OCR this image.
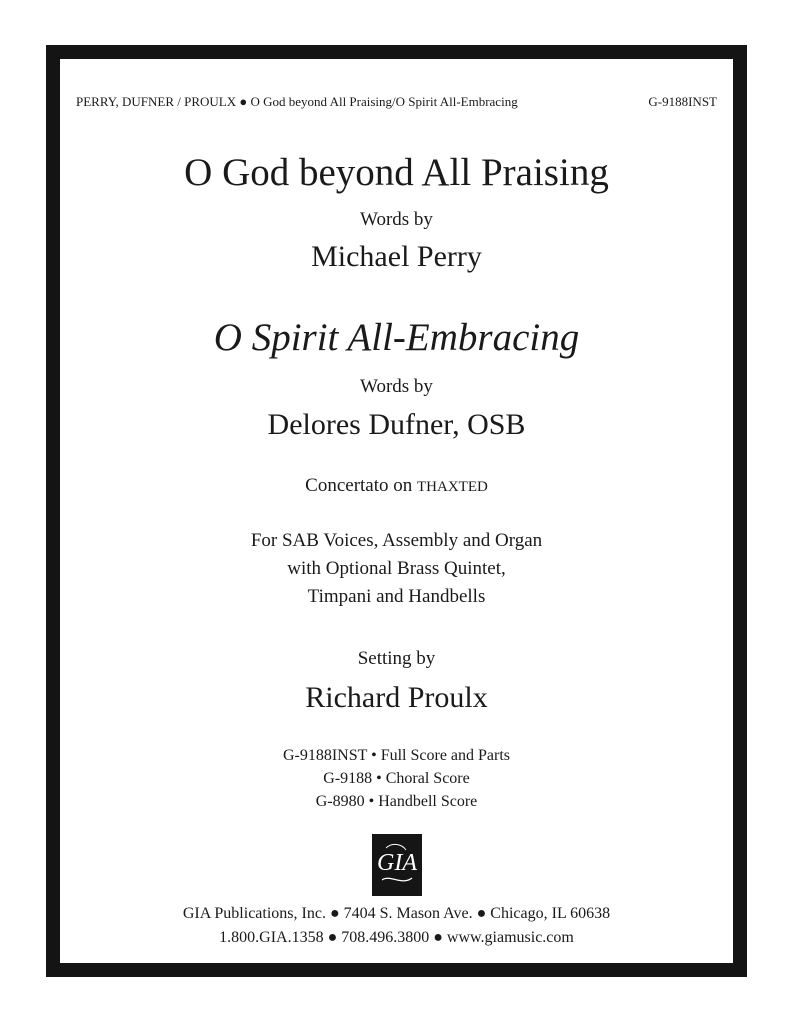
PERRY, DUFNER / PROULX ● O God beyond All Praising/O Spirit All-Embracing	G-9188INST
O God beyond All Praising
Words by
Michael Perry
O Spirit All-Embracing
Words by
Delores Dufner, OSB
Concertato on THAXTED
For SAB Voices, Assembly and Organ
with Optional Brass Quintet,
Timpani and Handbells
Setting by
Richard Proulx
G-9188INST • Full Score and Parts
G-9188 • Choral Score
G-8980 • Handbell Score
GIA
GIA Publications, Inc. ● 7404 S. Mason Ave. ● Chicago, IL 60638
1.800.GIA.1358 ● 708.496.3800 ● www.giamusic.com
